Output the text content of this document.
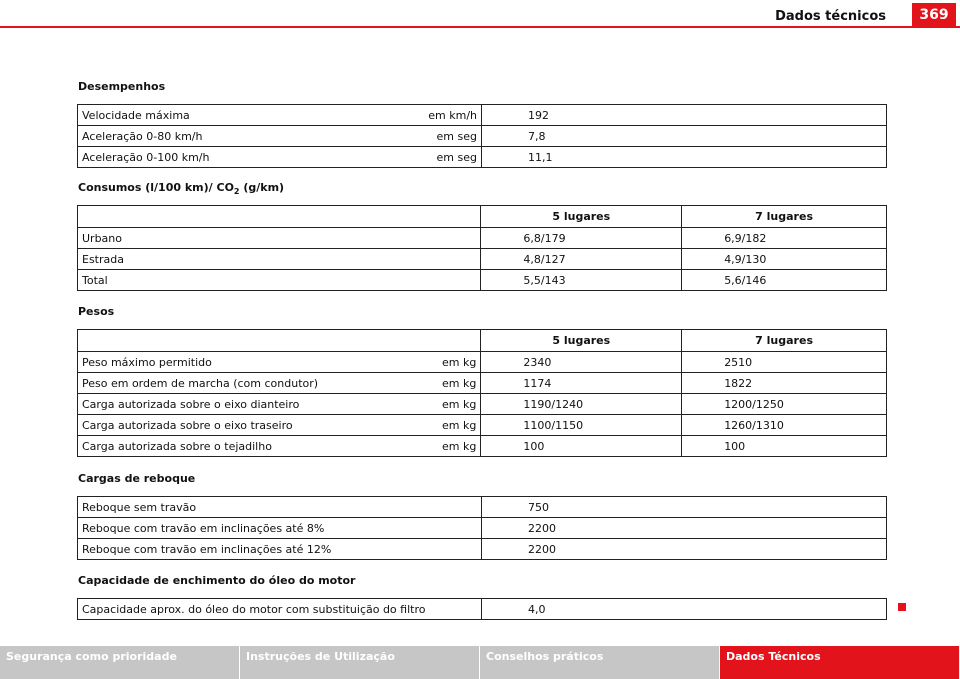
Dados técnicos	369
Desempenhos
Velocidade máxima em km/h	192

Aceleração 0-80 km/h em seg	7,8

Aceleração 0-100 km/h em seg	11,1
Consumos (l/100 km)/ $CO_2$ (g/km)
	5 lugares	7 lugares
Urbano	6,8/179	6,9/182
Estrada	4,8/127	4,9/130
Total	5,5/143	5,6/146
Pesos
	5 lugares	7 lugares

Peso máximo permitido em kg	2340	2510

Peso em ordem de marcha (com condutor) em kg	1174	1822

Carga autorizada sobre o eixo dianteiro em kg	1190/1240	1200/1250

Carga autorizada sobre o eixo traseiro em kg	1100/1150	1260/1310

Carga autorizada sobre o tejadilho em kg	100	100
Cargas de reboque
Reboque sem travão	750
Reboque com travão em inclinações até 8%	2200
Reboque com travão em inclinações até 12%	2200
Capacidade de enchimento do óleo do motor
Capacidade aprox. do óleo do motor com substituição do filtro	4,0
Segurança como prioridade	Instruções de Utilização	Conselhos práticos	Dados Técnicos
